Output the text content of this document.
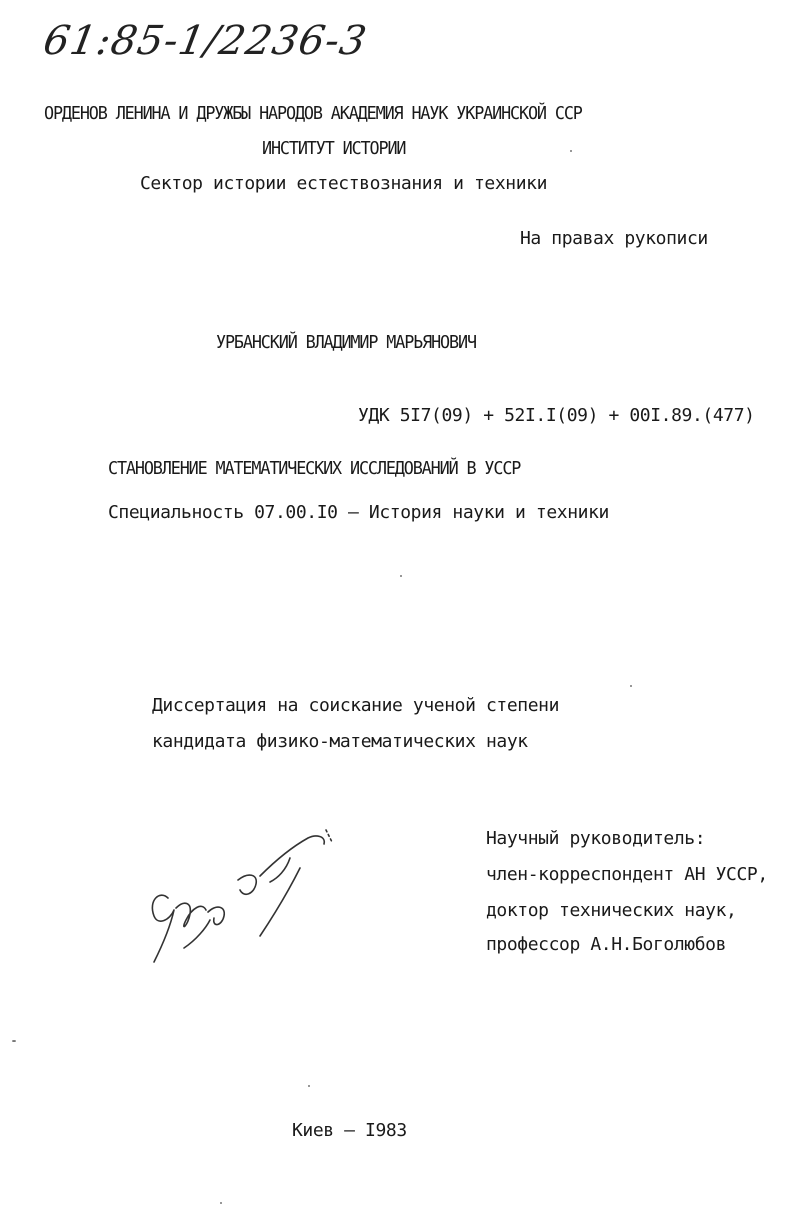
61:85-1/2236-3
ОРДЕНОВ ЛЕНИНА И ДРУЖБЫ НАРОДОВ АКАДЕМИЯ НАУК УКРАИНСКОЙ ССР
ИНСТИТУТ ИСТОРИИ
Сектор истории естествознания и техники
На правах рукописи
УРБАНСКИЙ ВЛАДИМИР МАРЬЯНОВИЧ
УДК 5I7(09) + 52I.I(09) + 00I.89.(477)
СТАНОВЛЕНИЕ МАТЕМАТИЧЕСКИХ ИССЛЕДОВАНИЙ В УССР
Специальность 07.00.I0 – История науки и техники
Диссертация на соискание ученой степени
кандидата физико-математических наук
Научный руководитель:
член-корреспондент АН УССР,
доктор технических наук,
профессор А.Н.Боголюбов
Киев – I983
